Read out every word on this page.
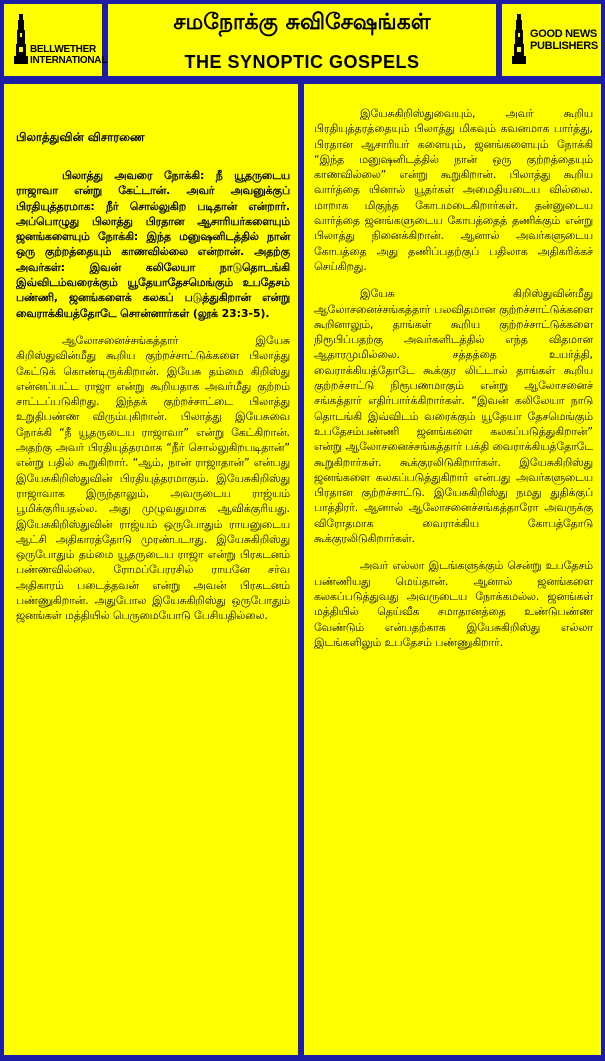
BELLWETHER INTERNATIONAL
சமநோக்கு சுவிசேஷங்கள்
THE SYNOPTIC GOSPELS
GOOD NEWS PUBLISHERS
பிலாத்துவின் விசாரணை

பிலாத்து அவரை நோக்கி: நீ யூதருடைய ராஜாவா என்று கேட்டான். அவர் அவனுக்குப் பிரதியுத்தரமாக: நீர் சொல்லுகிற படிதான் என்றார். அப்பொழுது பிலாத்து பிரதான ஆசாரியர்களையும் ஜனங்களையும் நோக்கி: இந்த மனுஷனிடத்தில் நான் ஒரு குற்றத்தையும் காணவில்லை என்றான். அதற்கு அவர்கள்: இவன் கலிலேயா நாடுதொடங்கி இவ்விடம்வரைக்கும் யூதேயாதேசமெங்கும் உபதேசம் பண்ணி, ஜனங்களைக் கலகப் படுத்துகிறான் என்று வைராக்கியத்தோடே சொன்னார்கள் (லூக் 23:3-5).

ஆலோசனைச்சங்கத்தார் இயேசு கிறிஸ்துவின்மீது கூறிய குற்றச்சாட்டுக்களை பிலாத்து கேட்டுக் கொண்டிருக்கிறான். இயேசு தம்மை கிறிஸ்து என்னப்பட்ட ராஜா என்று கூறியதாக அவர்மீது குற்றம் சாட்டப்படுகிறது. இந்தக் குற்றச்சாட்டை பிலாத்து உறுதிபண்ண விரும்புகிறான். பிலாத்து இயேசுவை நோக்கி “நீ யூதருடைய ராஜாவா” என்று கேட்கிறான். அதற்கு அவர் பிரதியுத்தரமாக “நீர் சொல்லுகிறபடிதான்” என்று பதில் கூறுகிறார். “ஆம், நான் ராஜாதான்” என்பது இயேசுகிறிஸ்துவின் பிரதியுத்தரமாகும். இயேசுகிறிஸ்து ராஜாவாக இருந்தாலும், அவருடைய ராஜ்யம் பூமிக்குரியதல்ல. அது முழுவதுமாக ஆவிக்குரியது. இயேசுகிறிஸ்துவின் ராஜ்யம் ஒருபோதும் ராயனுடைய ஆட்சி அதிகாரத்தோடு முரண்படாது. இயேசுகிறிஸ்து ஒருபோதும் தம்மை யூதருடைய ராஜா என்று பிரகடனம் பண்ணவில்லை. ரோமப்பேரரசில் ராயனே சர்வ அதிகாரம் படைத்தவன் என்று அவன் பிரகடனம் பண்ணுகிறான். அதுபோல இயேசுகிறிஸ்து ஒருபோதும் ஜனங்கள் மத்தியில் பெருமையோடு பேசியதில்லை.

இயேசுகிறிஸ்துவையும், அவர் கூறிய பிரதியுத்தரத்தையும் பிலாத்து மிகவும் கவனமாக பார்த்து, பிரதான ஆசாரியர் களையும், ஜனங்களையும் நோக்கி “இந்த மனுஷனிடத்தில் நான் ஒரு குற்றத்தையும் காணவில்லை” என்று கூறுகிறான். பிலாத்து கூறிய வார்த்தை யினால் யூதர்கள் அமைதியடைய வில்லை. மாறாக மிகுந்த கோபமடைகிறார்கள். தன்னுடைய வார்த்தை ஜனங்களுடைய கோபத்தைத் தணிக்கும் என்று பிலாத்து நினைக்கிறான். ஆனால் அவர்களுடைய கோபத்தை அது தணிப்பதற்குப் பதிலாக அதிகரிக்கச் செய்கிறது.

இயேசு கிறிஸ்துவின்மீது ஆலோசனைச்சங்கத்தார் பலவிதமான குற்றச்சாட்டுக்களை கூறினாலும், தாங்கள் கூறிய குற்றச்சாட்டுக்களை நிரூபிப்பதற்கு அவர்களிடத்தில் எந்த விதமான ஆதாரமுமில்லை. சத்தத்தை உயர்த்தி, வைராக்கியத்தோடே கூக்குர லிட்டால் தாங்கள் கூறிய குற்றச்சாட்டு நிரூபணமாகும் என்று ஆலோசனைச் சங்கத்தார் எதிர்பார்க்கிறார்கள். “இவன் கலிலேயா நாடு தொடங்கி இவ்விடம் வரைக்கும் யூதேயா தேசமெங்கும் உபதேசம்பண்ணி ஜனங்களை கலகப்படுத்துகிறான்” என்று ஆலோசனைச்சங்கத்தார் பக்தி வைராக்கியத்தோடே கூறுகிறார்கள். கூக்குரலிடுகிறார்கள். இயேசுகிறிஸ்து ஜனங்களை கலகப்படுத்துகிறார் என்பது அவர்களுடைய பிரதான குற்றச்சாட்டு. இயேசுகிறிஸ்து நமது துதிக்குப் பாத்திரர். ஆனால் ஆலோசனைச்சங்கத்தாரோ அவருக்கு விரோதமாக வைராக்கிய கோபத்தோடு கூக்குரலிடுகிறார்கள்.

அவர் எல்லா இடங்களுக்கும் சென்று உபதேசம் பண்ணியது மெய்தான். ஆனால் ஜனங்களை கலகப்படுத்துவது அவருடைய நோக்கமல்ல. ஜனங்கள் மத்தியில் தெய்வீக சமாதானத்தை உண்டுபண்ண வேண்டும் என்பதற்காக இயேசுகிறிஸ்து எல்லா இடங்களிலும் உபதேசம் பண்ணுகிறார்.
